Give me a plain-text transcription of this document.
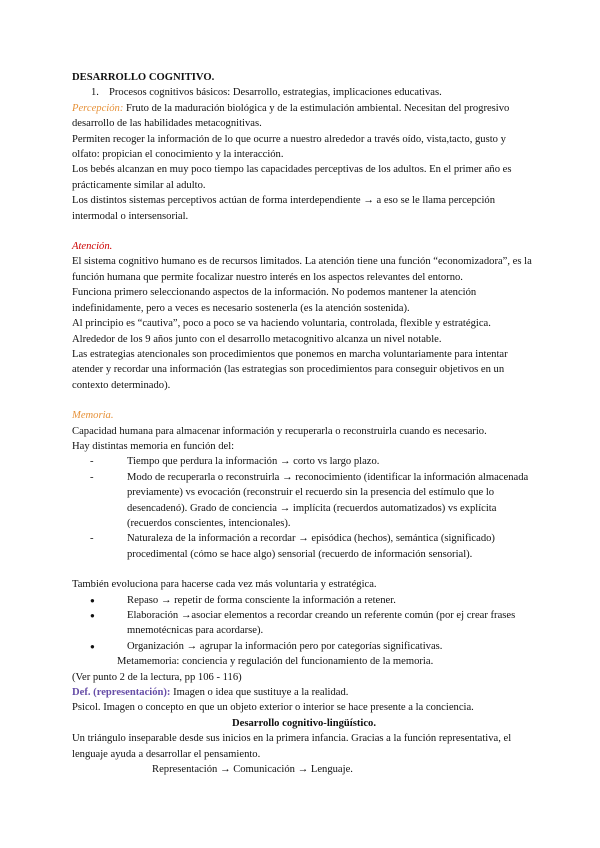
DESARROLLO COGNITIVO.

1. Procesos cognitivos básicos: Desarrollo, estrategias, implicaciones educativas.

Percepción: Fruto de la maduración biológica y de la estimulación ambiental. Necesitan del progresivo desarrollo de las habilidades metacognitivas.

Permiten recoger la información de lo que ocurre a nuestro alrededor a través oído, vista,tacto, gusto y olfato: propician el conocimiento y la interacción.

Los bebés alcanzan en muy poco tiempo las capacidades perceptivas de los adultos. En el primer año es prácticamente similar al adulto.

Los distintos sistemas perceptivos actúan de forma interdependiente → a eso se le llama percepción intermodal o intersensorial.

Atención.

El sistema cognitivo humano es de recursos limitados. La atención tiene una función “economizadora”, es la función humana que permite focalizar nuestro interés en los aspectos relevantes del entorno.

Funciona primero seleccionando aspectos de la información. No podemos mantener la atención indefinidamente, pero a veces es necesario sostenerla (es la atención sostenida).

Al principio es “cautiva”, poco a poco se va haciendo voluntaria, controlada, flexible y estratégica.

Alrededor de los 9 años junto con el desarrollo metacognitivo alcanza un nivel notable.

Las estrategias atencionales son procedimientos que ponemos en marcha voluntariamente para intentar atender y recordar una información (las estrategias son procedimientos para conseguir objetivos en un contexto determinado).

Memoria.

Capacidad humana para almacenar información y recuperarla o reconstruirla cuando es necesario.

Hay distintas memoria en función del:

- Tiempo que perdura la información → corto vs largo plazo.
- Modo de recuperarla o reconstruirla → reconocimiento (identificar la información almacenada previamente) vs evocación (reconstruir el recuerdo sin la presencia del estímulo que lo desencadenó). Grado de conciencia → implícita (recuerdos automatizados) vs explícita (recuerdos conscientes, intencionales).
- Naturaleza de la información a recordar → episódica (hechos), semántica (significado) procedimental (cómo se hace algo) sensorial (recuerdo de información sensorial).

También evoluciona para hacerse cada vez más voluntaria y estratégica.

● Repaso → repetir de forma consciente la información a retener.
● Elaboración →asociar elementos a recordar creando un referente común (por ej crear frases mnemotécnicas para acordarse).
● Organización → agrupar la información pero por categorías significativas.

Metamemoria: conciencia y regulación del funcionamiento de la memoria.

(Ver punto 2 de la lectura, pp 106 - 116)

Def. (representación): Imagen o idea que sustituye a la realidad.

Psicol. Imagen o concepto en que un objeto exterior o interior se hace presente a la conciencia.

Desarrollo cognitivo-lingüístico.

Un triángulo inseparable desde sus inicios en la primera infancia. Gracias a la función representativa, el lenguaje ayuda a desarrollar el pensamiento.

Representación → Comunicación → Lenguaje.
